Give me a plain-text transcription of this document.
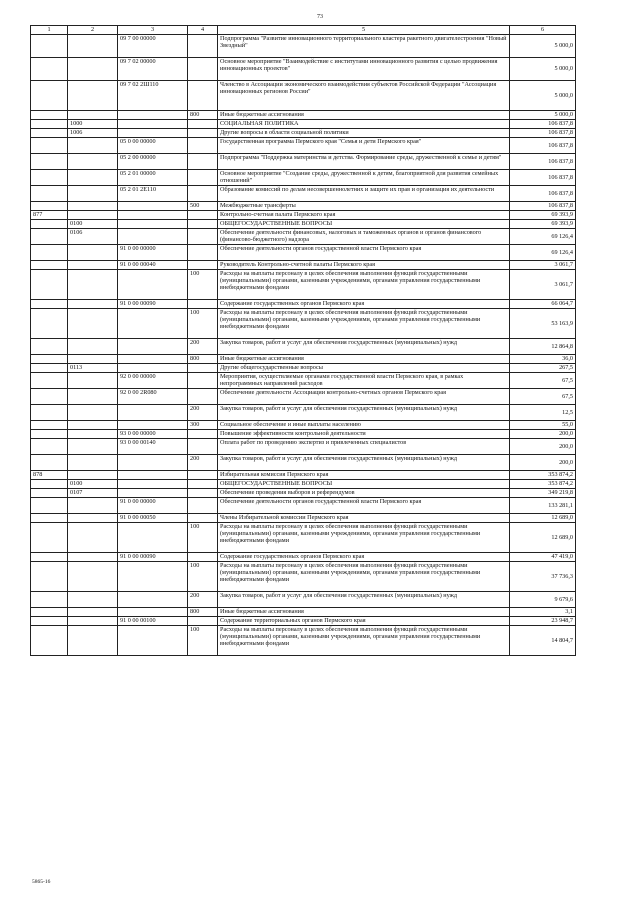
73
1	2	3	4	5	6
		09 7 00 00000		Подпрограмма "Развитие инновационного территориального кластера ракетного двигателестроения "Новый Звездный"	5 000,0
		09 7 02 00000		Основное мероприятие "Взаимодействие с институтами инновационного развития с целью продвижения инновационных проектов"	5 000,0
		09 7 02 2Ш110		Членство в Ассоциации экономического взаимодействия субъектов Российской Федерации "Ассоциация инновационных регионов России"	5 000,0
			800	Иные бюджетные ассигнования	5 000,0
	1000			СОЦИАЛЬНАЯ ПОЛИТИКА	106 837,8
	1006			Другие вопросы в области социальной политики	106 837,8
		05 0 00 00000		Государственная программа Пермского края "Семья и дети Пермского края"	106 837,8
		05 2 00 00000		Подпрограмма "Поддержка материнства и детства. Формирование среды, дружественной к семье и детям"	106 837,8
		05 2 01 00000		Основное мероприятие "Создание среды, дружественной к детям, благоприятной для развития семейных отношений"	106 837,8
		05 2 01 2Е110		Образование комиссий по делам несовершеннолетних и защите их прав и организация их деятельности	106 837,8
			500	Межбюджетные трансферты	106 837,8
877				Контрольно-счетная палата Пермского края	69 393,9
	0100			ОБЩЕГОСУДАРСТВЕННЫЕ ВОПРОСЫ	69 393,9
	0106			Обеспечение деятельности финансовых, налоговых и таможенных органов и органов финансового (финансово-бюджетного) надзора	69 126,4
		91 0 00 00000		Обеспечение деятельности органов государственной власти Пермского края	69 126,4
		91 0 00 00040		Руководитель Контрольно-счетной палаты Пермского края	3 061,7
			100	Расходы на выплаты персоналу в целях обеспечения выполнения функций государственными (муниципальными) органами, казенными учреждениями, органами управления государственными внебюджетными фондами	3 061,7
		91 0 00 00090		Содержание государственных органов Пермского края	66 064,7
			100	Расходы на выплаты персоналу в целях обеспечения выполнения функций государственными (муниципальными) органами, казенными учреждениями, органами управления государственными внебюджетными фондами	53 163,9
			200	Закупка товаров, работ и услуг для обеспечения государственных (муниципальных) нужд	12 864,8
			800	Иные бюджетные ассигнования	36,0
	0113			Другие общегосударственные вопросы	267,5
		92 0 00 00000		Мероприятия, осуществляемые органами государственной власти Пермского края, в рамках непрограммных направлений расходов	67,5
		92 0 00 2R080		Обеспечение деятельности Ассоциации контрольно-счетных органов Пермского края	67,5
			200	Закупка товаров, работ и услуг для обеспечения государственных (муниципальных) нужд	12,5
			300	Социальное обеспечение и иные выплаты населению	55,0
		93 0 00 00000		Повышение эффективности контрольной деятельности	200,0
		93 0 00 00140		Оплата работ по проведению экспертиз и привлеченных специалистов	200,0
			200	Закупка товаров, работ и услуг для обеспечения государственных (муниципальных) нужд	200,0
878				Избирательная комиссия Пермского края	353 874,2
	0100			ОБЩЕГОСУДАРСТВЕННЫЕ ВОПРОСЫ	353 874,2
	0107			Обеспечение проведения выборов и референдумов	349 219,8
		91 0 00 00000		Обеспечение деятельности органов государственной власти Пермского края	133 281,1
		91 0 00 00050		Члены Избирательной комиссии Пермского края	12 689,0
			100	Расходы на выплаты персоналу в целях обеспечения выполнения функций государственными (муниципальными) органами, казенными учреждениями, органами управления государственными внебюджетными фондами	12 689,0
		91 0 00 00090		Содержание государственных органов Пермского края	47 419,0
			100	Расходы на выплаты персоналу в целях обеспечения выполнения функций государственными (муниципальными) органами, казенными учреждениями, органами управления государственными внебюджетными фондами	37 736,3
			200	Закупка товаров, работ и услуг для обеспечения государственных (муниципальных) нужд	9 679,6
			800	Иные бюджетные ассигнования	3,1
		91 0 00 00100		Содержание территориальных органов Пермского края	23 948,7
			100	Расходы на выплаты персоналу в целях обеспечения выполнения функций государственными (муниципальными) органами, казенными учреждениями, органами управления государственными внебюджетными фондами	14 804,7
5865-16
